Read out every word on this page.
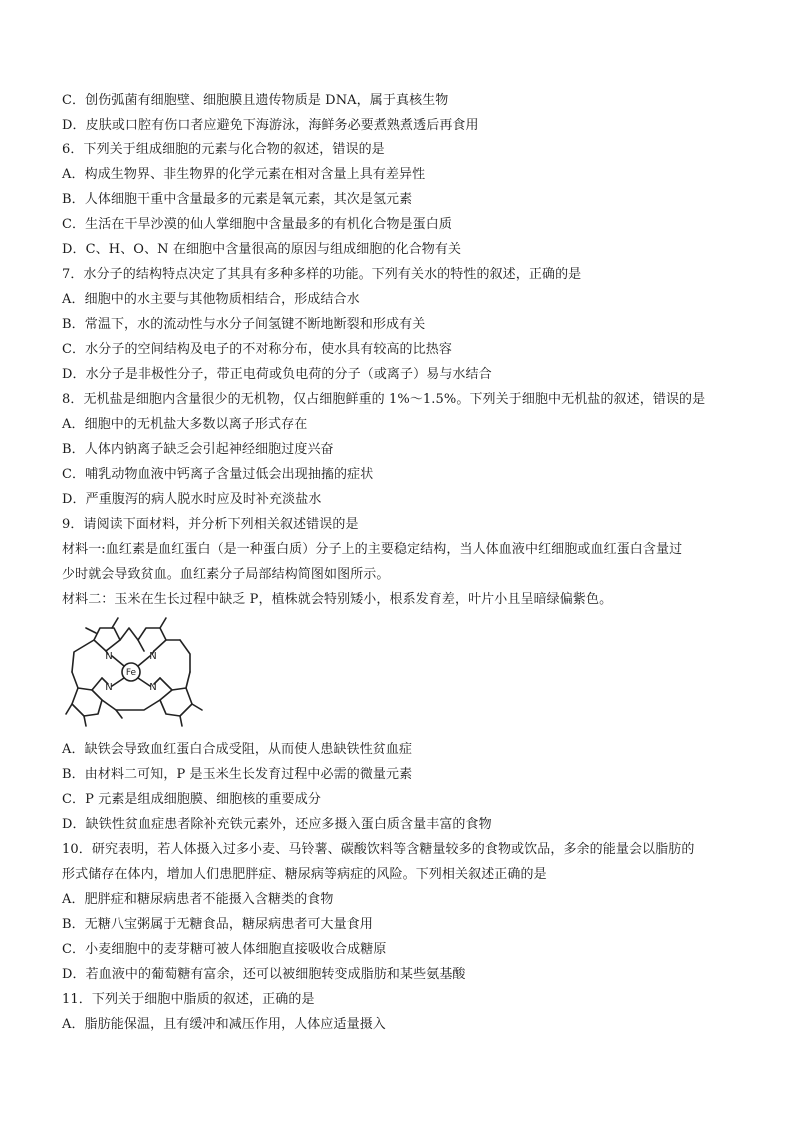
C．创伤弧菌有细胞壁、细胞膜且遗传物质是 DNA，属于真核生物
D．皮肤或口腔有伤口者应避免下海游泳，海鲜务必要煮熟煮透后再食用
6．下列关于组成细胞的元素与化合物的叙述，错误的是
A．构成生物界、非生物界的化学元素在相对含量上具有差异性
B．人体细胞干重中含量最多的元素是氧元素，其次是氢元素
C．生活在干旱沙漠的仙人掌细胞中含量最多的有机化合物是蛋白质
D．C、H、O、N 在细胞中含量很高的原因与组成细胞的化合物有关
7．水分子的结构特点决定了其具有多种多样的功能。下列有关水的特性的叙述，正确的是
A．细胞中的水主要与其他物质相结合，形成结合水
B．常温下，水的流动性与水分子间氢键不断地断裂和形成有关
C．水分子的空间结构及电子的不对称分布，使水具有较高的比热容
D．水分子是非极性分子，带正电荷或负电荷的分子（或离子）易与水结合
8．无机盐是细胞内含量很少的无机物，仅占细胞鲜重的 1%～1.5%。下列关于细胞中无机盐的叙述，错误的是
A．细胞中的无机盐大多数以离子形式存在
B．人体内钠离子缺乏会引起神经细胞过度兴奋
C．哺乳动物血液中钙离子含量过低会出现抽搐的症状
D．严重腹泻的病人脱水时应及时补充淡盐水
9．请阅读下面材料，并分析下列相关叙述错误的是
材料一:血红素是血红蛋白（是一种蛋白质）分子上的主要稳定结构，当人体血液中红细胞或血红蛋白含量过
少时就会导致贫血。血红素分子局部结构简图如图所示。
材料二：玉米在生长过程中缺乏 P，植株就会特别矮小，根系发育差，叶片小且呈暗绿偏紫色。
N	N
N	N
Fe
A．缺铁会导致血红蛋白合成受阻，从而使人患缺铁性贫血症
B．由材料二可知，P 是玉米生长发育过程中必需的微量元素
C．P 元素是组成细胞膜、细胞核的重要成分
D．缺铁性贫血症患者除补充铁元素外，还应多摄入蛋白质含量丰富的食物
10．研究表明，若人体摄入过多小麦、马铃薯、碳酸饮料等含糖量较多的食物或饮品，多余的能量会以脂肪的
形式储存在体内，增加人们患肥胖症、糖尿病等病症的风险。下列相关叙述正确的是
A．肥胖症和糖尿病患者不能摄入含糖类的食物
B．无糖八宝粥属于无糖食品，糖尿病患者可大量食用
C．小麦细胞中的麦芽糖可被人体细胞直接吸收合成糖原
D．若血液中的葡萄糖有富余，还可以被细胞转变成脂肪和某些氨基酸
11．下列关于细胞中脂质的叙述，正确的是
A．脂肪能保温，且有缓冲和减压作用，人体应适量摄入
